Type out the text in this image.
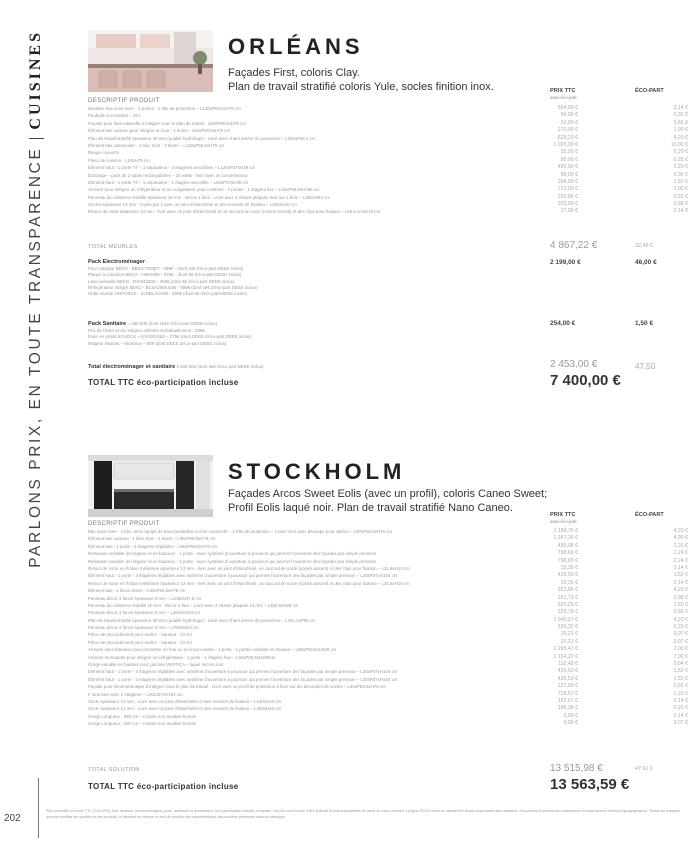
PARLONS PRIX, EN TOUTE TRANSPARENCE
CUISINES
202
Prix conseillés en euros TTC (TVA 20%), hors livraison, électroménagers, pose, sanitaires et accessoires, éco-participation mobilier comprise. Les prix sont fournis à titre indicatif et sont susceptibles de varier en cours d'année. La ligne DECA Home ne saurait être tenue responsable des variations. Documents et photos non contractuels et sous réserve d'erreurs typographiques. Toutes les marques peuvent modifier les qualités de ses produits, le fabricant se réserve le droit de modifier les caractéristiques des modèles présentés dans ce catalogue.
ORLÉANS
Façades First, coloris Clay.
Plan de travail stratifié coloris Yule, socles finition inox.	PRIX TTC
sans éco-part
ÉCO-PART
DESCRIPTIF PRODUIT
Meubles bas sous évier - 2 portes - 1 tôle de protection – L120xP59,5xH78 cm	554,00 €	3,14 €
Poubelle à encastrer – 30 L	84,00 €	0,35 €
Façade pour lave-vaisselle à intégrer sous le plan de travail - L60xP59,5xH78 cm	91,00 €	0,66 €
Élément bas cuisson pour intégrer un four - 2 tiroirs - L60xP59,5xH78 cm	270,00 €	1,90 €
Plan de travail stratifié épaisseur 39 mm (qualité hydrofuge) - Livré avec chant arrière de protection – L362xP62,5 cm	625,23 €	4,20 €
Élément bas casserolier - 1 bloc tiroir - 3 tiroirs – L120xP59,5xH78 cm	1 025,00 €	10,00 €
Range-couverts	55,00 €	0,20 €
Fileur de cuisson - L10xH75 cm	80,00 €	0,28 €
Élément haut - 1 porte "H" - 1 séparateur - 2 étagères amovibles – L120xP37xH39 cm	480,00 €	2,20 €
Éclairage – pack de 2 spots rectangulaires – 15 watts - livré avec un convertisseur	88,00 €	0,36 €
Élément haut - 1 porte "H" - 1 séparateur - 1 étagère amovible – L60xP37xH39 cm	294,00 €	1,50 €
Armoire pour intégrer un réfrigérateur et un congélateur pour combiné - 2 portes - 1 étagère fixe – L60xP59,5xH195 cm	712,00 €	7,00 €
Panneau de crédence stratifié épaisseur 10 mm - Décor 1 face - Livré avec 4 chants plaqués bois sur 1 bois – L362xH62 cm	269,86 €	0,20 €
Socles épaisseur 13 mm - Livrés par 2 avec un joint d'étanchéité et des ressorts de fixation – L400xH10 cm	203,00 €	0,88 €
Retour de socle épaisseur 13 mm - livré avec un joint d'étanchéité et un raccord de socle (coloris assorti) et des clips pour fixation – L55,5 cmxH10 cm	27,00 €	0,14 €
TOTAL MEUBLES	4 867,22 €	32,45 €
Pack Electroménager
Four catalyse BEKO - BBIE17300BT - 359€ - (dont 10€ d'éco-part DEEE inclus)
Plaque à induction BEKO - HII63S95 - 379€ - (dont 5€ d'éco-part DEEE inclus)
Lave-vaisselle BEKO - DIN34320S - 489€ (dont 8€ d'éco-part DEEE inclus)
Réfrigérateur intégré BEKO - BCSA285K4SN - 599€ (dont 18€ d'éco-part DEEE inclus)
Hotte murale AIRFORCE - ILIOBLACK90 - 499€ (dont 5€ d'éco-part DEEE inclus)
2 199,00 €	46,00 €
Pack Sanitaire = 255,50€ (dont 1€50 d'éco-part DEEE inclus)
Prix de l'évier et du mitigeur achetés individuellement : 339€
Évier en granit SCHOCK – EVI100LNM – 279€ (dont DEEE d'éco-part DEEE inclus)
Mitigeur Manam – Mossoux – 60€ (dont DEEE d'éco-part DEEE inclus)
254,00 €	1,50 €
Total électroménager et sanitaire 2 500,50€ (dont 46€ d'éco-part DEEE inclus)	2 453,00 €	47,50
TOTAL TTC éco-participation incluse	7 400,00 €
STOCKHOLM
Façades Arcos Sweet Eolis (avec un profil), coloris Caneo Sweet;
Profil Eolis laqué noir. Plan de travail stratifié Nano Caneo.
PRIX TTC
sans éco-part
ÉCO-PART
DESCRIPTIF PRODUIT
Bas sous évier - 1 bloc tiroir équipé de bacs poubelles et d'un couverclé – 1 tôle de protection – 1 bloc tiroir avec découpe pour siphon – L90xP59,5xH78 cm	2 188,76 €	4,20 €
Élément bas cuisson - 1 bloc tiroir - 2 tiroirs – L90xP59,5xH78 cm	1 267,36 €	4,90 €
Élément bas - 1 porte - 2 étagères réglables – L60xP59,5xH78 cm	490,08 €	2,20 €
Rehausse variable (en largeur et en hauteur) - 1 porte - avec système d'ouverture à poussoir qui permet l'ouverture des façades par simple pression	798,60 €	2,24 €
Rehausse variable (en largeur et en hauteur) - 1 porte - avec système d'ouverture à poussoir qui permet l'ouverture des façades par simple pression	798,60 €	2,24 €
Retour de socle en finition mélaminé épaisseur 13 mm - livré avec un joint d'étanchéité, un raccord de socle (coloris assorti) et des clips pour fixation – L31,8xH10 cm	33,35 €	0,14 €
Élément haut - 1 porte - 3 étagères réglables avec système d'ouverture à poussoir qui permet l'ouverture des façades par simple pression – L30xP37xH104 cm	435,53 €	1,50 €
Retour de socle en finition mélaminé épaisseur 13 mm - livré avec un joint d'étanchéité, un raccord de socle (coloris assorti) et des clips pour fixation – L31,8xH10 cm	33,35 €	0,14 €
Élément bas - 2 blocs tiroirs – L60xP59,5xH78 cm	923,56 €	4,20 €
Panneau décor 2 faces épaisseur 8 mm – L106xH37,5 cm	151,73 €	0,98 €
Panneau de crédence stratifié 10 mm - Décor 1 face - Livré avec 4 chants plaqués 14 mm – L360,5xH59 cm	520,25 €	1,50 €
Panneau décor 2 faces épaisseur 8 mm – L364xH104 cm	229,78 €	0,66 €
Plan de travail stratifié épaisseur 39 mm (qualité hydrofuge) - Livré avec chant arrière de protection – L361,2xP60 cm	1 045,27 €	4,20 €
Panneau décor 2 faces épaisseur 8 mm – L78xH59,8 cm	180,32 €	0,20 €
Pièce de raccordement pour socles - Hauteur : 20 cm	20,21 €	0,07 €
Pièce de raccordement pour socles - Hauteur : 20 cm	20,21 €	0,07 €
Armoire sans bandeau pour encastrer un four ou un micro-ondes - 1 porte - 1 portée variable en hauteur – L60xP59,5xH208 cm	1 295,47 €	7,00 €
Armoire monoporte pour intégrer un réfrigérateur - 1 porte - 1 étagère fixe – L60xP59,5xH208cm	1 154,22 €	7,00 €
Gorge variable en hauteur pour gamme VERTICA – laqué micron noir	112,48 €	0,04 €
Élément haut - 1 porte - 3 étagères réglables avec système d'ouverture à poussoir qui permet l'ouverture des façades par simple pression – L30xP37xH104 cm	435,53 €	1,50 €
Élément haut - 1 porte - 3 étagères réglables avec système d'ouverture à poussoir qui permet l'ouverture des façades par simple pression – L30xP37xH104 cm	435,53 €	1,50 €
Façade pour électroménager à intégrer sous le plan de travail - Livré avec un profil de protection à fixer sur les découpes de socles – L60xP59,5xH78 cm	127,00 €	0,66 €
F structure avec 2 étagères – L30xJ37xH104 cm	728,57 €	1,23 €
Socle épaisseur 13 mm - Livré avec un joint d'étanchéité et des ressorts de fixation – L180xH10 cm	102,67 €	0,14 €
Socle épaisseur 13 mm - Livré avec un joint d'étanchéité et des ressorts de fixation – L360xH10 cm	186,38 €	0,26 €
Gorge Longueur : 360 cm – Coloris noir anodisé brossé	0,00 €	0,14 €
Gorge Longueur : 180 cm – Coloris noir anodisé brossé	0,00 €	0,07 €
TOTAL SOLUTION	13 515,98 €	47,61 €
TOTAL TTC éco-participation incluse	13 563,59 €
